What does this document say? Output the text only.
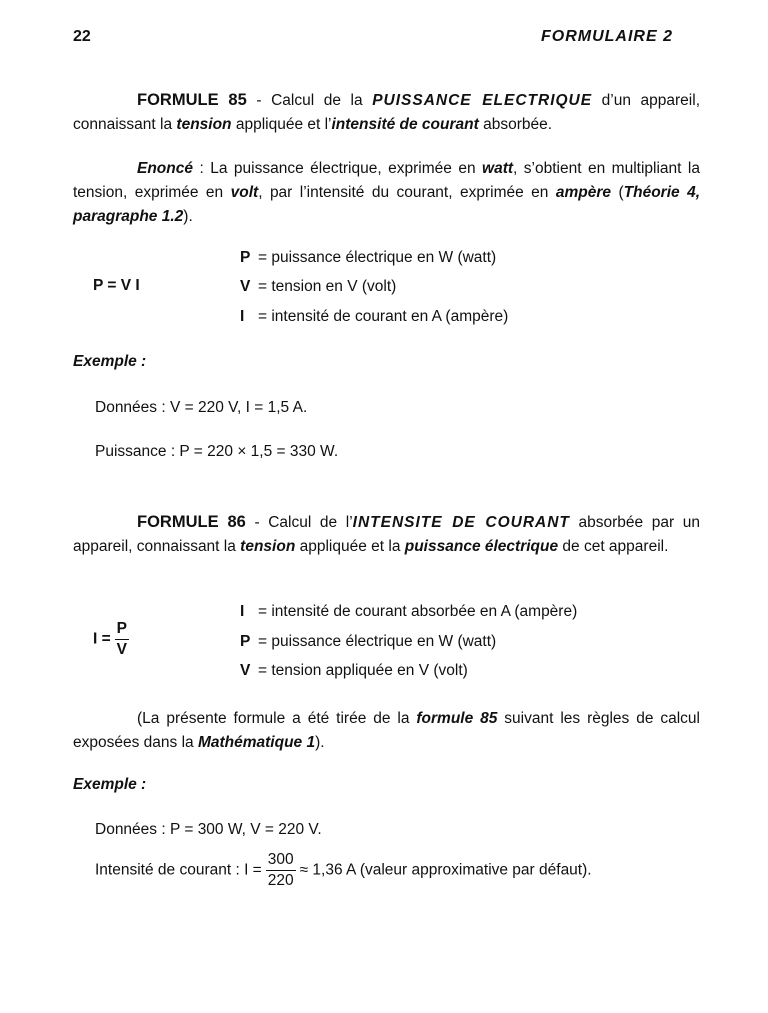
22	FORMULAIRE 2
FORMULE 85 - Calcul de la PUISSANCE ELECTRIQUE d’un appareil, connaissant la tension appliquée et l’intensité de courant absorbée.
Enoncé : La puissance électrique, exprimée en watt, s’obtient en multipliant la tension, exprimée en volt, par l’intensité du courant, exprimée en ampère (Théorie 4, paragraphe 1.2).
P = V I
P = puissance électrique en W (watt)
V = tension en V (volt)
I = intensité de courant en A (ampère)
Exemple :
Données : V = 220 V, I = 1,5 A.
Puissance : P = 220 × 1,5 = 330 W.
FORMULE 86 - Calcul de l’INTENSITE DE COURANT absorbée par un appareil, connaissant la tension appliquée et la puissance électrique de cet appareil.
$I = \frac{P}{V}$
I = intensité de courant absorbée en A (ampère)
P = puissance électrique en W (watt)
V = tension appliquée en V (volt)
(La présente formule a été tirée de la formule 85 suivant les règles de calcul exposées dans la Mathématique 1).
Exemple :
Données : P = 300 W, V = 220 V.
Intensité de courant : $I = \frac{300}{220} \approx 1,36$ A (valeur approximative par défaut).
